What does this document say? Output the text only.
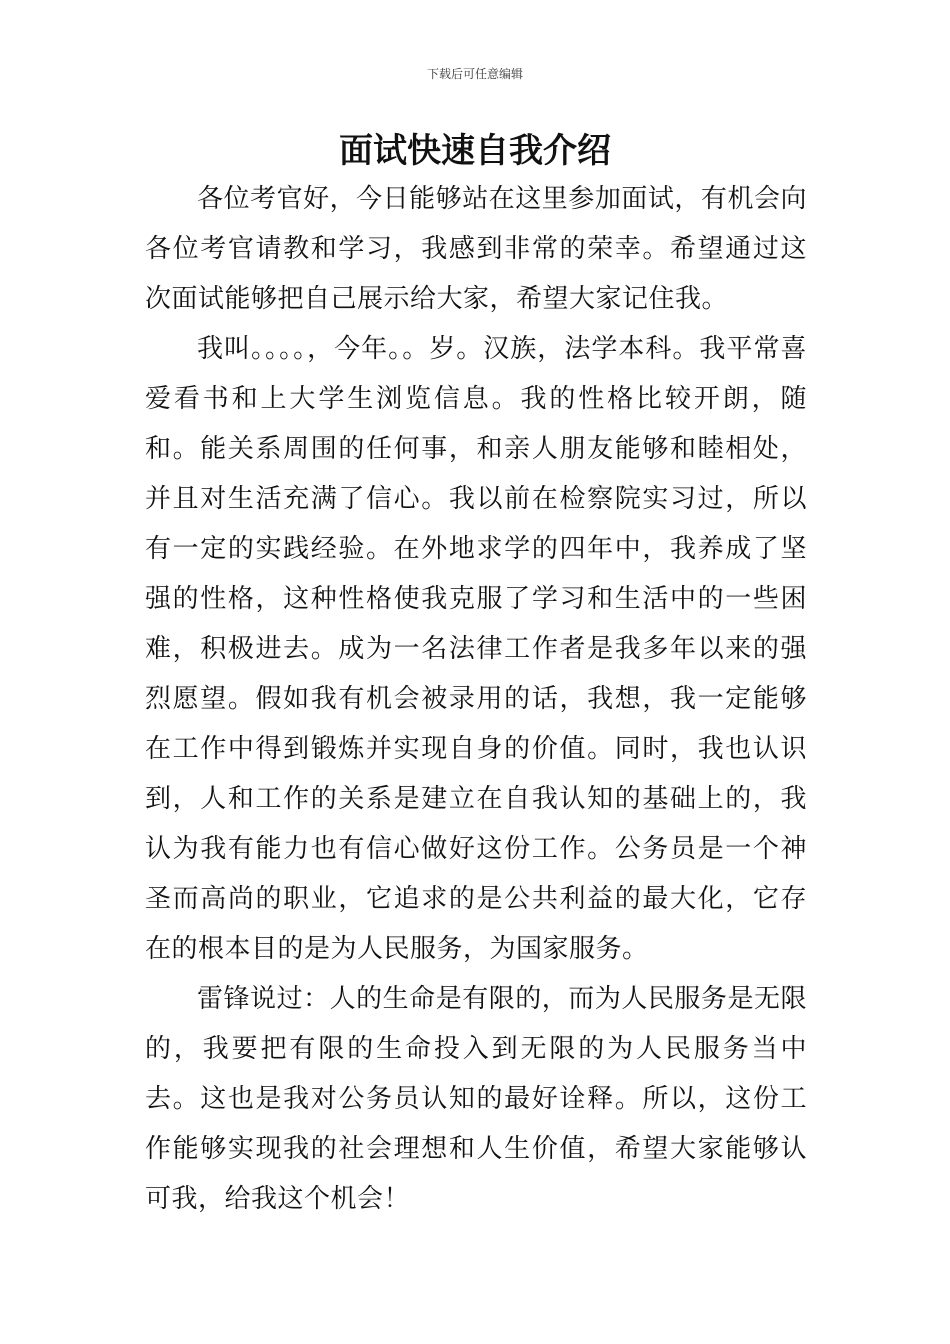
下载后可任意编辑
面试快速自我介绍

各位考官好，今日能够站在这里参加面试，有机会向各位考官请教和学习，我感到非常的荣幸。希望通过这次面试能够把自己展示给大家，希望大家记住我。

我叫。。。。，今年。。岁。汉族，法学本科。我平常喜爱看书和上大学生浏览信息。我的性格比较开朗，随和。能关系周围的任何事，和亲人朋友能够和睦相处，并且对生活充满了信心。我以前在检察院实习过，所以有一定的实践经验。在外地求学的四年中，我养成了坚强的性格，这种性格使我克服了学习和生活中的一些困难，积极进去。成为一名法律工作者是我多年以来的强烈愿望。假如我有机会被录用的话，我想，我一定能够在工作中得到锻炼并实现自身的价值。同时，我也认识到，人和工作的关系是建立在自我认知的基础上的，我认为我有能力也有信心做好这份工作。公务员是一个神圣而高尚的职业，它追求的是公共利益的最大化，它存在的根本目的是为人民服务，为国家服务。

雷锋说过：人的生命是有限的，而为人民服务是无限的，我要把有限的生命投入到无限的为人民服务当中去。这也是我对公务员认知的最好诠释。所以，这份工作能够实现我的社会理想和人生价值，希望大家能够认可我，给我这个机会！
